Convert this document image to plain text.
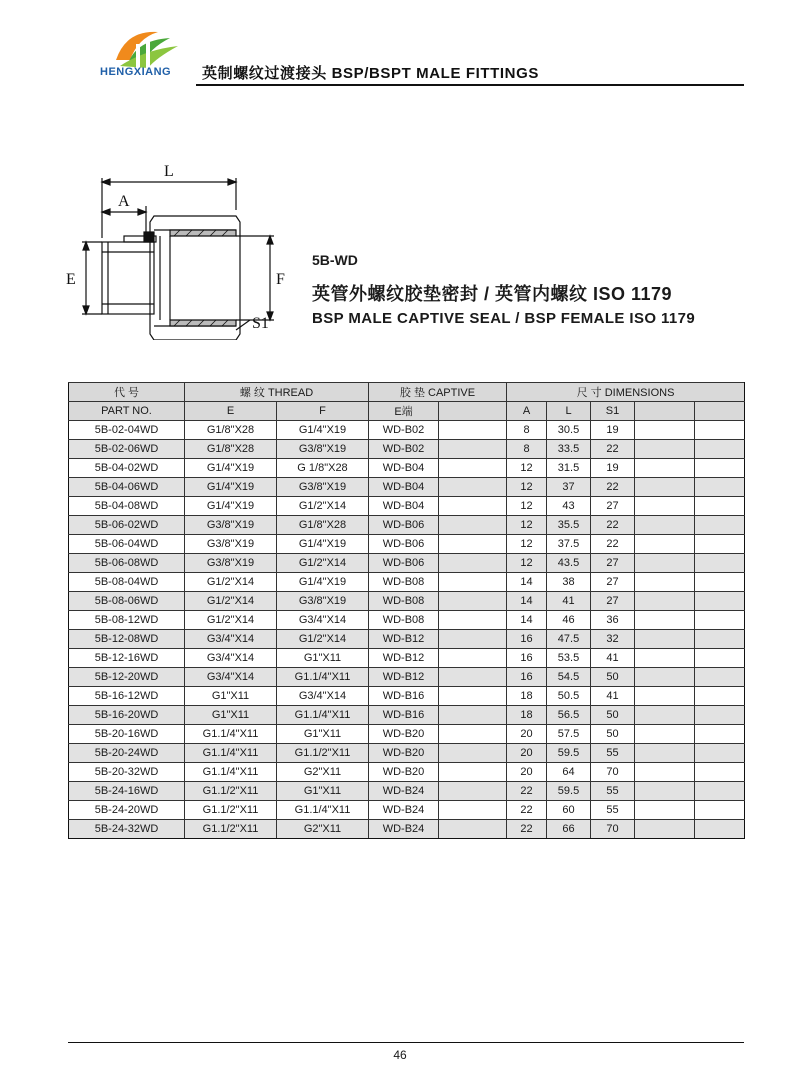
HENGXIANG 英制螺纹过渡接头 BSP/BSPT MALE FITTINGS
L
A
E	F
S1
5B-WD
英管外螺纹胶垫密封 / 英管内螺纹 ISO 1179
BSP MALE CAPTIVE SEAL / BSP FEMALE ISO 1179
代 号	螺 纹 THREAD		胶 垫 CAPTIVE		尺 寸 DIMENSIONS				
PART NO.	E	F	E端		A	L	S1		
5B-02-04WD	G1/8"X28	G1/4"X19	WD-B02		8	30.5	19		
5B-02-06WD	G1/8"X28	G3/8"X19	WD-B02		8	33.5	22		
5B-04-02WD	G1/4"X19	G 1/8"X28	WD-B04		12	31.5	19		
5B-04-06WD	G1/4"X19	G3/8"X19	WD-B04		12	37	22		
5B-04-08WD	G1/4"X19	G1/2"X14	WD-B04		12	43	27		
5B-06-02WD	G3/8"X19	G1/8"X28	WD-B06		12	35.5	22		
5B-06-04WD	G3/8"X19	G1/4"X19	WD-B06		12	37.5	22		
5B-06-08WD	G3/8"X19	G1/2"X14	WD-B06		12	43.5	27		
5B-08-04WD	G1/2"X14	G1/4"X19	WD-B08		14	38	27		
5B-08-06WD	G1/2"X14	G3/8"X19	WD-B08		14	41	27		
5B-08-12WD	G1/2"X14	G3/4"X14	WD-B08		14	46	36		
5B-12-08WD	G3/4"X14	G1/2"X14	WD-B12		16	47.5	32		
5B-12-16WD	G3/4"X14	G1"X11	WD-B12		16	53.5	41		
5B-12-20WD	G3/4"X14	G1.1/4"X11	WD-B12		16	54.5	50		
5B-16-12WD	G1"X11	G3/4"X14	WD-B16		18	50.5	41		
5B-16-20WD	G1"X11	G1.1/4"X11	WD-B16		18	56.5	50		
5B-20-16WD	G1.1/4"X11	G1"X11	WD-B20		20	57.5	50		
5B-20-24WD	G1.1/4"X11	G1.1/2"X11	WD-B20		20	59.5	55		
5B-20-32WD	G1.1/4"X11	G2"X11	WD-B20		20	64	70		
5B-24-16WD	G1.1/2"X11	G1"X11	WD-B24		22	59.5	55		
5B-24-20WD	G1.1/2"X11	G1.1/4"X11	WD-B24		22	60	55		
5B-24-32WD	G1.1/2"X11	G2"X11	WD-B24		22	66	70		
46
